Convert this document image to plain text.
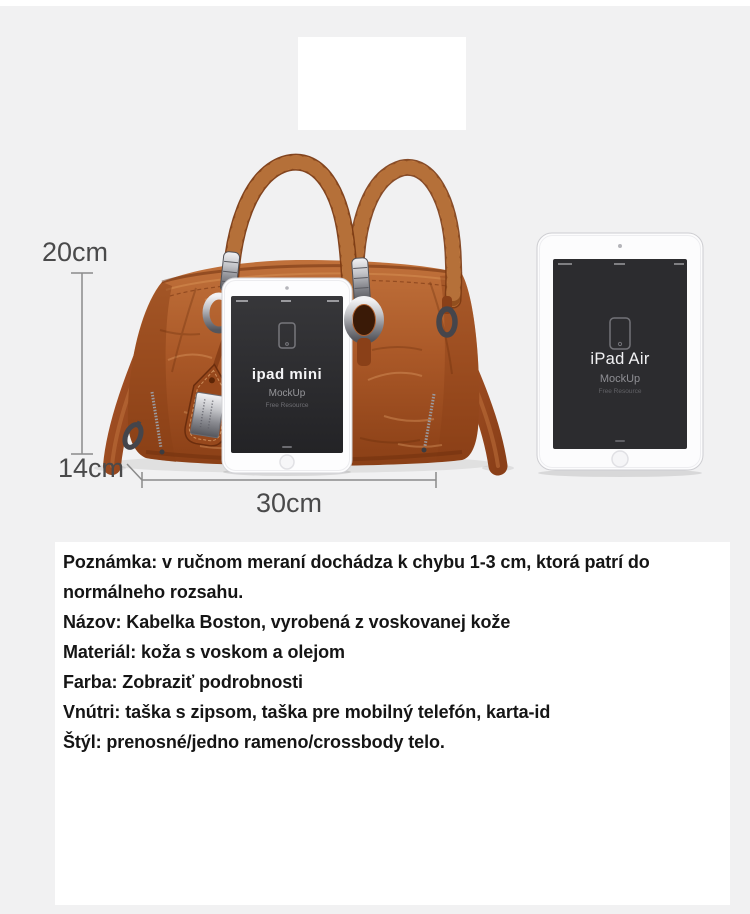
ipad mini
MockUp
Free Resource
iPad Air
MockUp
Free Resource
20cm
14cm
30cm

Poznámka: v ručnom meraní dochádza k chybu 1-3 cm, ktorá patrí do normálneho rozsahu.

Názov: Kabelka Boston, vyrobená z voskovanej kože

Materiál: koža s voskom a olejom

Farba: Zobraziť podrobnosti

Vnútri: taška s zipsom, taška pre mobilný telefón, karta-id

Štýl: prenosné/jedno rameno/crossbody telo.
